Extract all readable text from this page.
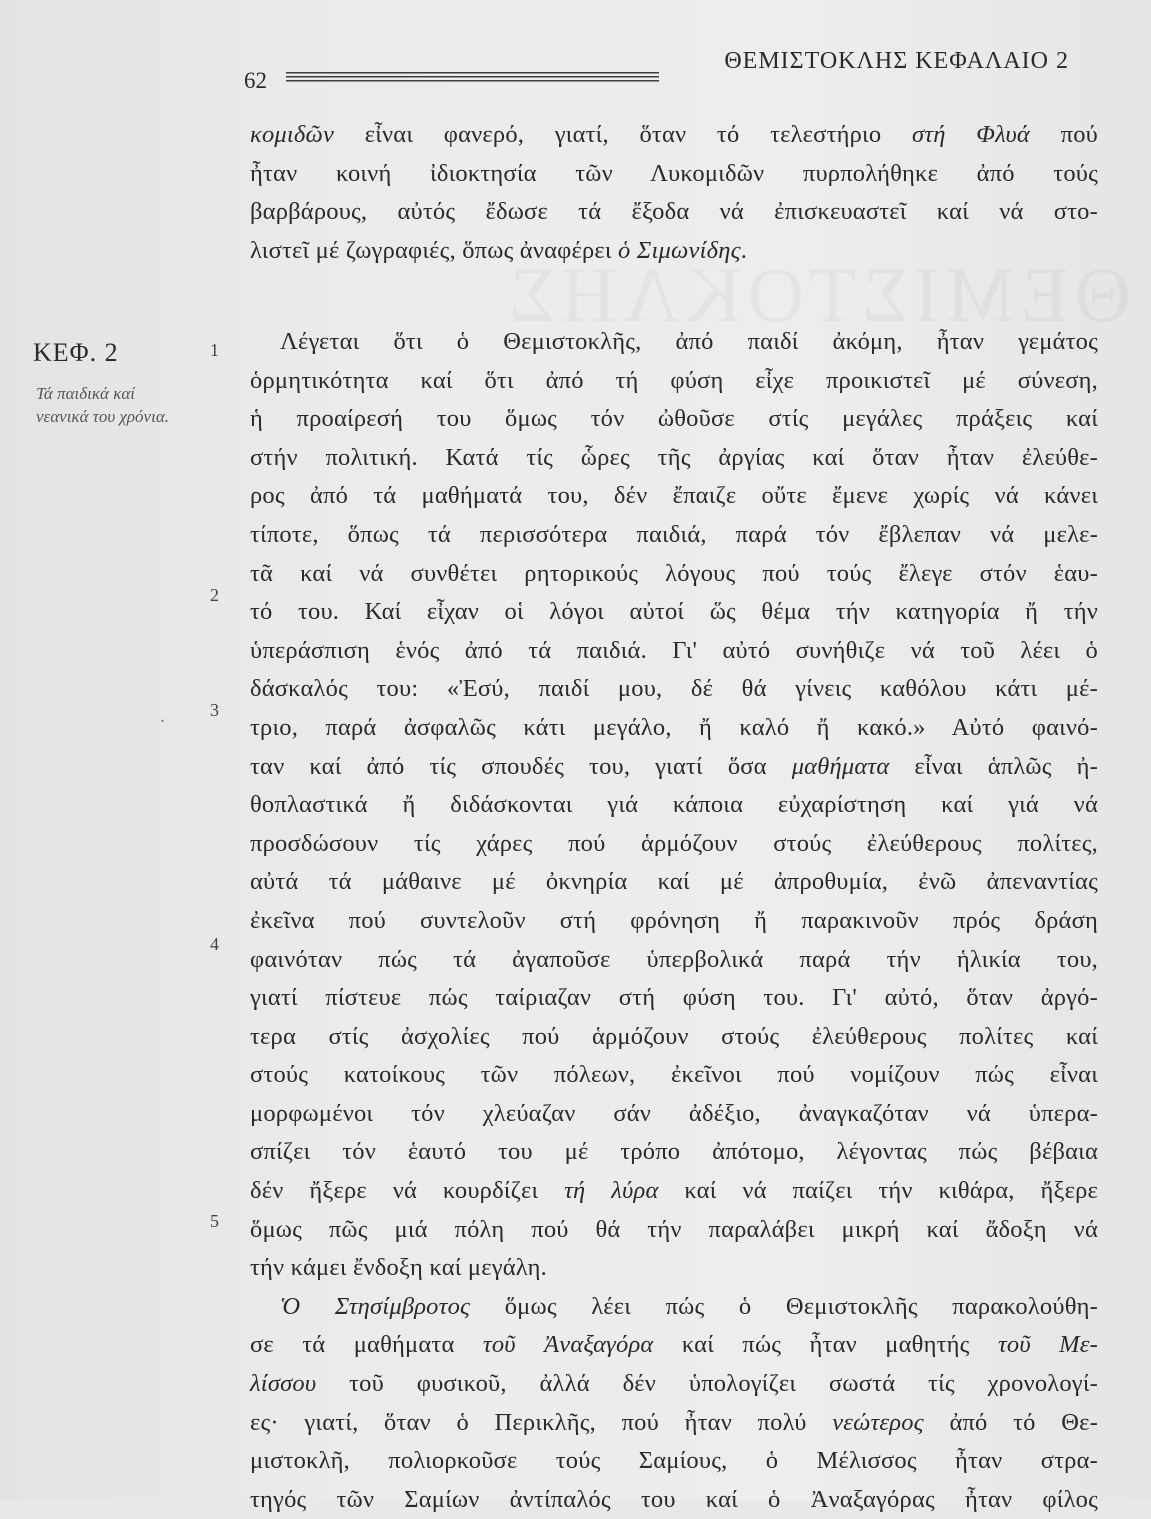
62
ΘΕΜΙΣΤΟΚΛΗΣ ΚΕΦΑΛΑΙΟ 2
ΚΕΦ. 2
Τά παιδικά καί νεανικά του χρόνια.
.
1
2
3
4
5
κομιδῶν εἶναι φανερό, γιατί, ὅταν τό τελεστήριο στή Φλυά πού
ἦταν κοινή ἰδιοκτησία τῶν Λυκομιδῶν πυρπολήθηκε ἀπό τούς
βαρβάρους, αὐτός ἔδωσε τά ἔξοδα νά ἐπισκευαστεῖ καί νά στο-
λιστεῖ μέ ζωγραφιές, ὅπως ἀναφέρει ὁ Σιμωνίδης.
Λέγεται ὅτι ὁ Θεμιστοκλῆς, ἀπό παιδί ἀκόμη, ἦταν γεμάτος
ὁρμητικότητα καί ὅτι ἀπό τή φύση εἶχε προικιστεῖ μέ σύνεση,
ἡ προαίρεσή του ὅμως τόν ὠθοῦσε στίς μεγάλες πράξεις καί
στήν πολιτική. Κατά τίς ὧρες τῆς ἀργίας καί ὅταν ἦταν ἐλεύθε-
ρος ἀπό τά μαθήματά του, δέν ἔπαιζε οὔτε ἔμενε χωρίς νά κάνει
τίποτε, ὅπως τά περισσότερα παιδιά, παρά τόν ἔβλεπαν νά μελε-
τᾶ καί νά συνθέτει ρητορικούς λόγους πού τούς ἔλεγε στόν ἑαυ-
τό του. Καί εἶχαν οἱ λόγοι αὐτοί ὥς θέμα τήν κατηγορία ἤ τήν
ὑπεράσπιση ἑνός ἀπό τά παιδιά. Γι' αὐτό συνήθιζε νά τοῦ λέει ὁ
δάσκαλός του: «Ἐσύ, παιδί μου, δέ θά γίνεις καθόλου κάτι μέ-
τριο, παρά ἀσφαλῶς κάτι μεγάλο, ἤ καλό ἤ κακό.» Αὐτό φαινό-
ταν καί ἀπό τίς σπουδές του, γιατί ὅσα μαθήματα εἶναι ἁπλῶς ἠ-
θοπλαστικά ἤ διδάσκονται γιά κάποια εὐχαρίστηση καί γιά νά
προσδώσουν τίς χάρες πού ἁρμόζουν στούς ἐλεύθερους πολίτες,
αὐτά τά μάθαινε μέ ὀκνηρία καί μέ ἀπροθυμία, ἐνῶ ἀπεναντίας
ἐκεῖνα πού συντελοῦν στή φρόνηση ἤ παρακινοῦν πρός δράση
φαινόταν πώς τά ἀγαποῦσε ὑπερβολικά παρά τήν ἡλικία του,
γιατί πίστευε πώς ταίριαζαν στή φύση του. Γι' αὐτό, ὅταν ἀργό-
τερα στίς ἀσχολίες πού ἁρμόζουν στούς ἐλεύθερους πολίτες καί
στούς κατοίκους τῶν πόλεων, ἐκεῖνοι πού νομίζουν πώς εἶναι
μορφωμένοι τόν χλεύαζαν σάν ἀδέξιο, ἀναγκαζόταν νά ὑπερα-
σπίζει τόν ἑαυτό του μέ τρόπο ἀπότομο, λέγοντας πώς βέβαια
δέν ἤξερε νά κουρδίζει τή λύρα καί νά παίζει τήν κιθάρα, ἤξερε
ὅμως πῶς μιά πόλη πού θά τήν παραλάβει μικρή καί ἄδοξη νά
τήν κάμει ἔνδοξη καί μεγάλη.
Ὁ Στησίμβροτος ὅμως λέει πώς ὁ Θεμιστοκλῆς παρακολούθη-
σε τά μαθήματα τοῦ Ἀναξαγόρα καί πώς ἦταν μαθητής τοῦ Με-
λίσσου τοῦ φυσικοῦ, ἀλλά δέν ὑπολογίζει σωστά τίς χρονολογί-
ες· γιατί, ὅταν ὁ Περικλῆς, πού ἦταν πολύ νεώτερος ἀπό τό Θε-
μιστοκλῆ, πολιορκοῦσε τούς Σαμίους, ὁ Μέλισσος ἦταν στρα-
τηγός τῶν Σαμίων ἀντίπαλός του καί ὁ Ἀναξαγόρας ἦταν φίλος
